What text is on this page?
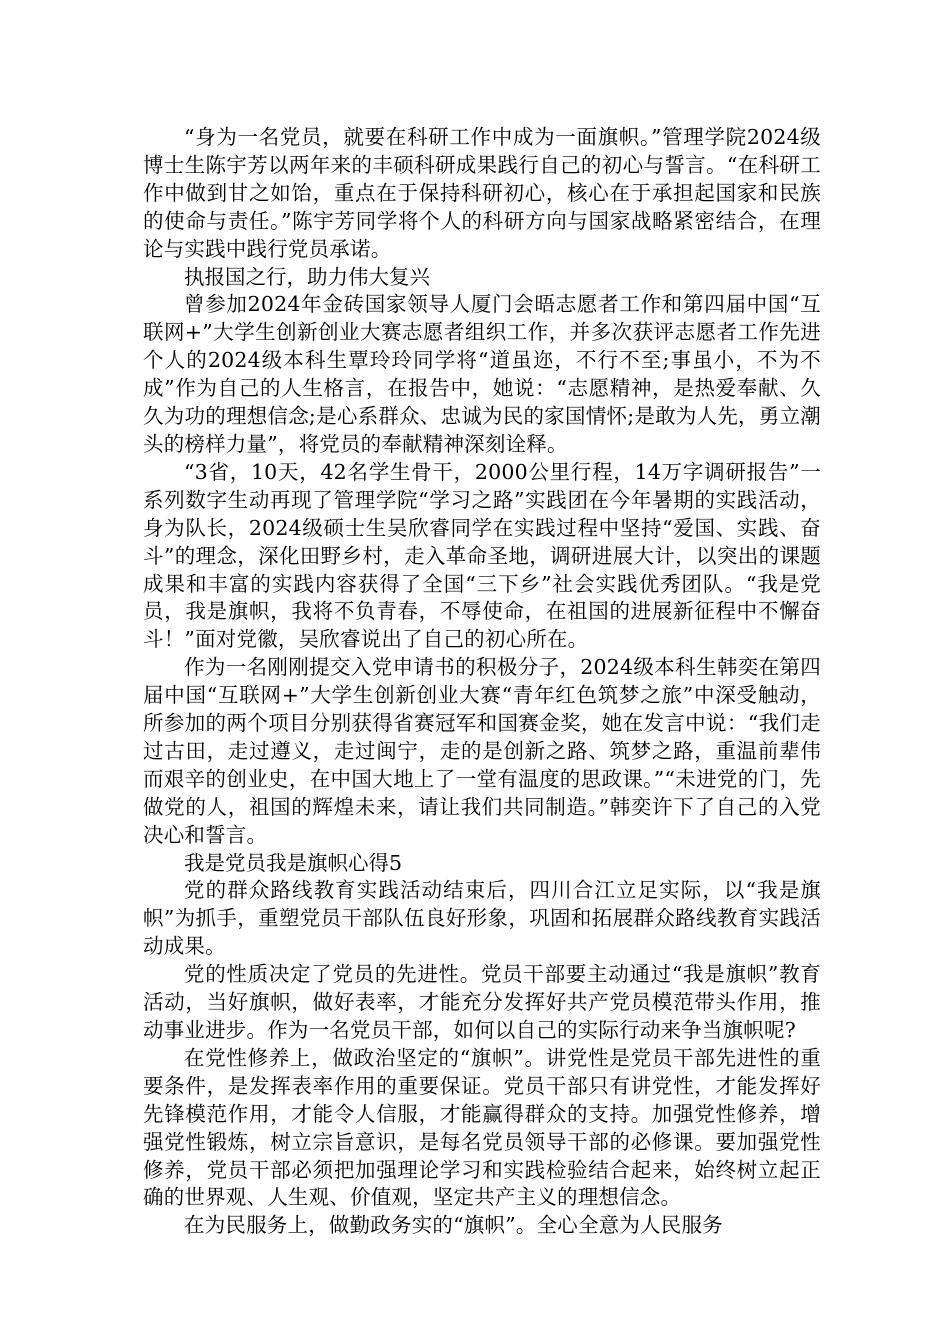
“身为一名党员，就要在科研工作中成为一面旗帜。”管理学院2024级博士生陈宇芳以两年来的丰硕科研成果践行自己的初心与誓言。“在科研工作中做到甘之如饴，重点在于保持科研初心，核心在于承担起国家和民族的使命与责任。”陈宇芳同学将个人的科研方向与国家战略紧密结合，在理论与实践中践行党员承诺。

执报国之行，助力伟大复兴

曾参加2024年金砖国家领导人厦门会晤志愿者工作和第四届中国“互联网+”大学生创新创业大赛志愿者组织工作，并多次获评志愿者工作先进个人的2024级本科生覃玲玲同学将“道虽迩，不行不至;事虽小，不为不成”作为自己的人生格言，在报告中，她说：“志愿精神，是热爱奉献、久久为功的理想信念;是心系群众、忠诚为民的家国情怀;是敢为人先，勇立潮头的榜样力量”，将党员的奉献精神深刻诠释。

“3省，10天，42名学生骨干，2000公里行程，14万字调研报告”一系列数字生动再现了管理学院“学习之路”实践团在今年暑期的实践活动，身为队长，2024级硕士生吴欣睿同学在实践过程中坚持“爱国、实践、奋斗”的理念，深化田野乡村，走入革命圣地，调研进展大计，以突出的课题成果和丰富的实践内容获得了全国“三下乡”社会实践优秀团队。“我是党员，我是旗帜，我将不负青春，不辱使命，在祖国的进展新征程中不懈奋斗！”面对党徽，吴欣睿说出了自己的初心所在。

作为一名刚刚提交入党申请书的积极分子，2024级本科生韩奕在第四届中国“互联网+”大学生创新创业大赛“青年红色筑梦之旅”中深受触动，所参加的两个项目分别获得省赛冠军和国赛金奖，她在发言中说：“我们走过古田，走过遵义，走过闽宁，走的是创新之路、筑梦之路，重温前辈伟而艰辛的创业史，在中国大地上了一堂有温度的思政课。”“未进党的门，先做党的人，祖国的辉煌未来，请让我们共同制造。”韩奕许下了自己的入党决心和誓言。

我是党员我是旗帜心得5

党的群众路线教育实践活动结束后，四川合江立足实际，以“我是旗帜”为抓手，重塑党员干部队伍良好形象，巩固和拓展群众路线教育实践活动成果。

党的性质决定了党员的先进性。党员干部要主动通过“我是旗帜”教育活动，当好旗帜，做好表率，才能充分发挥好共产党员模范带头作用，推动事业进步。作为一名党员干部，如何以自己的实际行动来争当旗帜呢?

在党性修养上，做政治坚定的“旗帜”。讲党性是党员干部先进性的重要条件，是发挥表率作用的重要保证。党员干部只有讲党性，才能发挥好先锋模范作用，才能令人信服，才能赢得群众的支持。加强党性修养，增强党性锻炼，树立宗旨意识，是每名党员领导干部的必修课。要加强党性修养，党员干部必须把加强理论学习和实践检验结合起来，始终树立起正确的世界观、人生观、价值观，坚定共产主义的理想信念。

在为民服务上，做勤政务实的“旗帜”。全心全意为人民服务
